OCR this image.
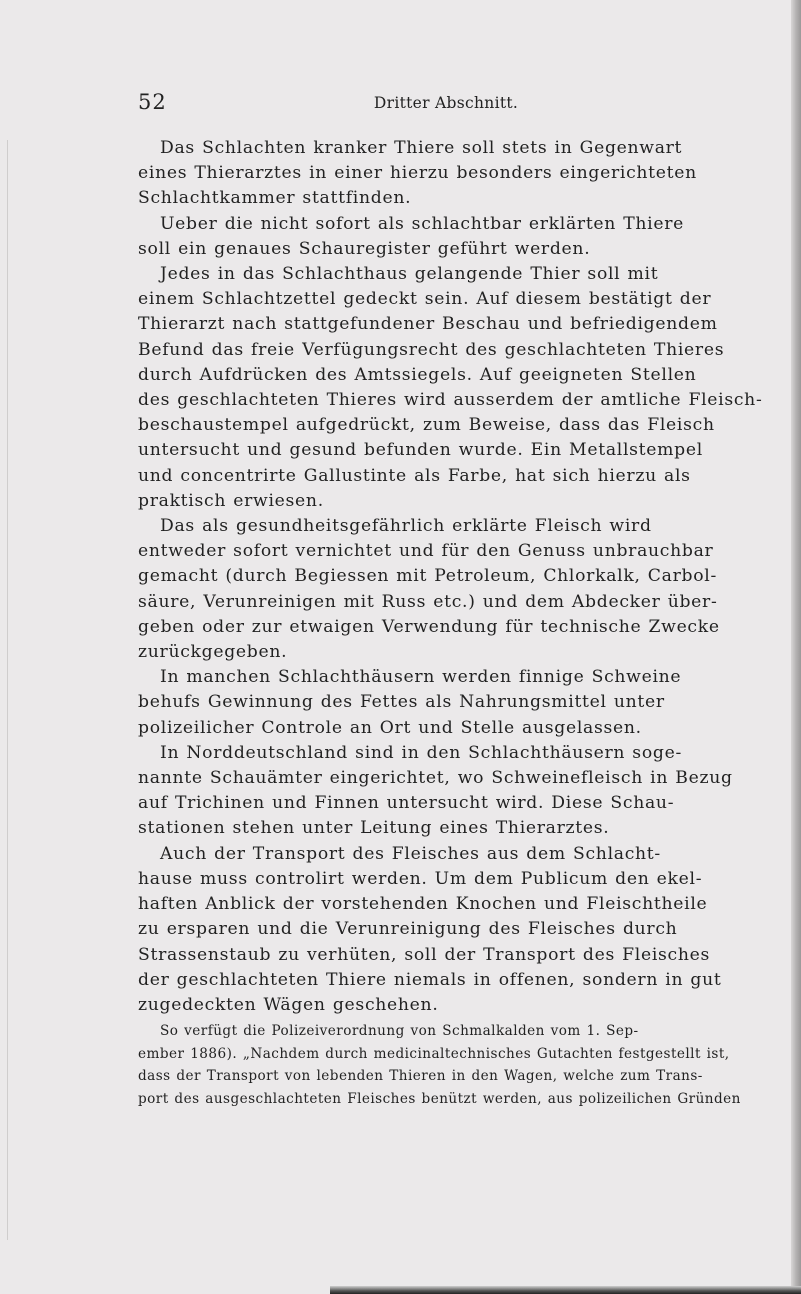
52	Dritter Abschnitt.
Das Schlachten kranker Thiere soll stets in Gegenwart
eines Thierarztes in einer hierzu besonders eingerichteten
Schlachtkammer stattfinden.
Ueber die nicht sofort als schlachtbar erklärten Thiere
soll ein genaues Schauregister geführt werden.
Jedes in das Schlachthaus gelangende Thier soll mit
einem Schlachtzettel gedeckt sein. Auf diesem bestätigt der
Thierarzt nach stattgefundener Beschau und befriedigendem
Befund das freie Verfügungsrecht des geschlachteten Thieres
durch Aufdrücken des Amtssiegels. Auf geeigneten Stellen
des geschlachteten Thieres wird ausserdem der amtliche Fleisch-
beschaustempel aufgedrückt, zum Beweise, dass das Fleisch
untersucht und gesund befunden wurde. Ein Metallstempel
und concentrirte Gallustinte als Farbe, hat sich hierzu als
praktisch erwiesen.
Das als gesundheitsgefährlich erklärte Fleisch wird
entweder sofort vernichtet und für den Genuss unbrauchbar
gemacht (durch Begiessen mit Petroleum, Chlorkalk, Carbol-
säure, Verunreinigen mit Russ etc.) und dem Abdecker über-
geben oder zur etwaigen Verwendung für technische Zwecke
zurückgegeben.
In manchen Schlachthäusern werden finnige Schweine
behufs Gewinnung des Fettes als Nahrungsmittel unter
polizeilicher Controle an Ort und Stelle ausgelassen.
In Norddeutschland sind in den Schlachthäusern soge-
nannte Schauämter eingerichtet, wo Schweinefleisch in Bezug
auf Trichinen und Finnen untersucht wird. Diese Schau-
stationen stehen unter Leitung eines Thierarztes.
Auch der Transport des Fleisches aus dem Schlacht-
hause muss controlirt werden. Um dem Publicum den ekel-
haften Anblick der vorstehenden Knochen und Fleischtheile
zu ersparen und die Verunreinigung des Fleisches durch
Strassenstaub zu verhüten, soll der Transport des Fleisches
der geschlachteten Thiere niemals in offenen, sondern in gut
zugedeckten Wägen geschehen.
So verfügt die Polizeiverordnung von Schmalkalden vom 1. Sep-
ember 1886). „Nachdem durch medicinaltechnisches Gutachten festgestellt ist,
dass der Transport von lebenden Thieren in den Wagen, welche zum Trans-
port des ausgeschlachteten Fleisches benützt werden, aus polizeilichen Gründen
